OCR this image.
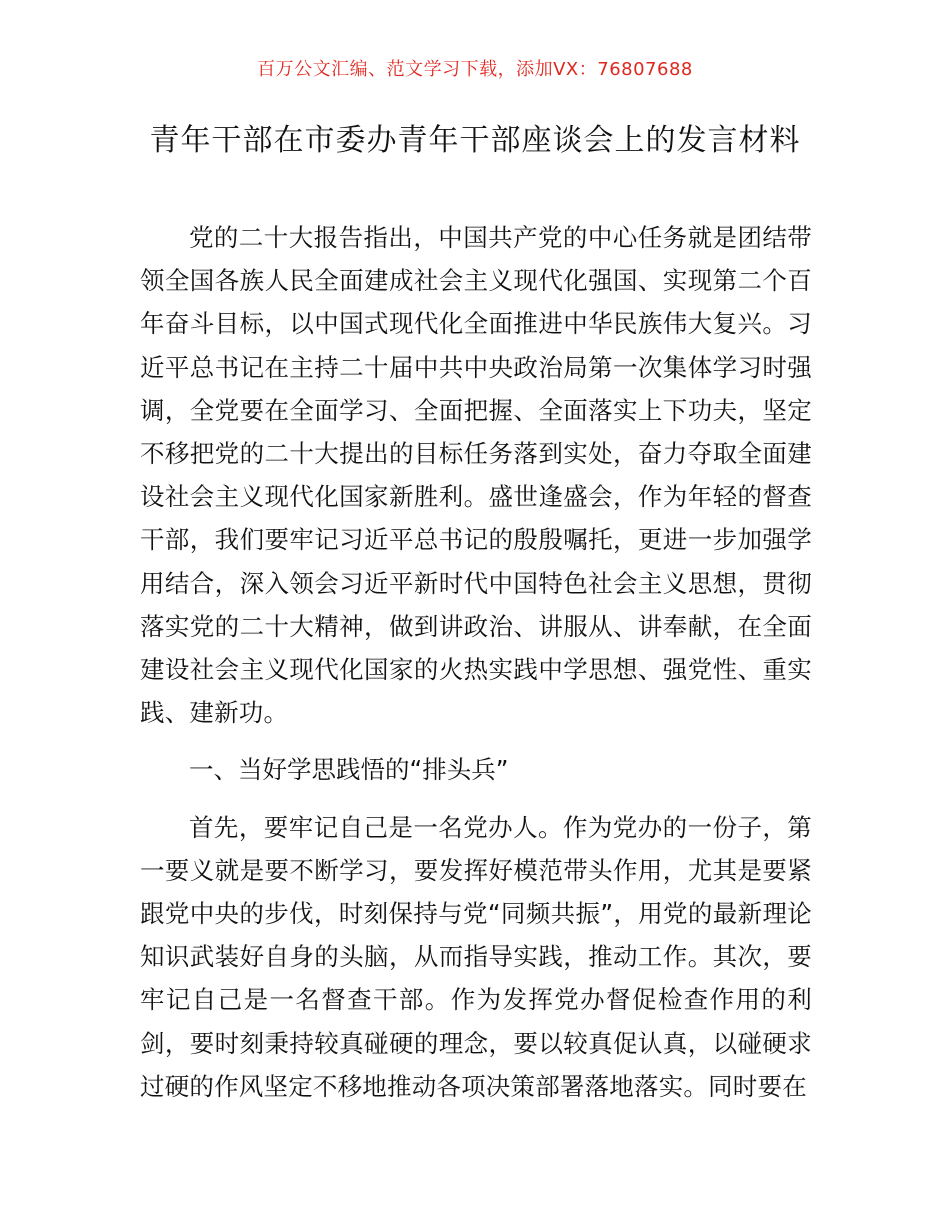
百万公文汇编、范文学习下载，添加VX：76807688
青年干部在市委办青年干部座谈会上的发言材料

党的二十大报告指出，中国共产党的中心任务就是团结带领全国各族人民全面建成社会主义现代化强国、实现第二个百年奋斗目标，以中国式现代化全面推进中华民族伟大复兴。习近平总书记在主持二十届中共中央政治局第一次集体学习时强调，全党要在全面学习、全面把握、全面落实上下功夫，坚定不移把党的二十大提出的目标任务落到实处，奋力夺取全面建设社会主义现代化国家新胜利。盛世逢盛会，作为年轻的督查干部，我们要牢记习近平总书记的殷殷嘱托，更进一步加强学用结合，深入领会习近平新时代中国特色社会主义思想，贯彻落实党的二十大精神，做到讲政治、讲服从、讲奉献，在全面建设社会主义现代化国家的火热实践中学思想、强党性、重实践、建新功。

一、当好学思践悟的“排头兵”

首先，要牢记自己是一名党办人。作为党办的一份子，第一要义就是要不断学习，要发挥好模范带头作用，尤其是要紧跟党中央的步伐，时刻保持与党“同频共振”，用党的最新理论知识武装好自身的头脑，从而指导实践，推动工作。其次，要牢记自己是一名督查干部。作为发挥党办督促检查作用的利剑，要时刻秉持较真碰硬的理念，要以较真促认真，以碰硬求过硬的作风坚定不移地推动各项决策部署落地落实。同时要在
